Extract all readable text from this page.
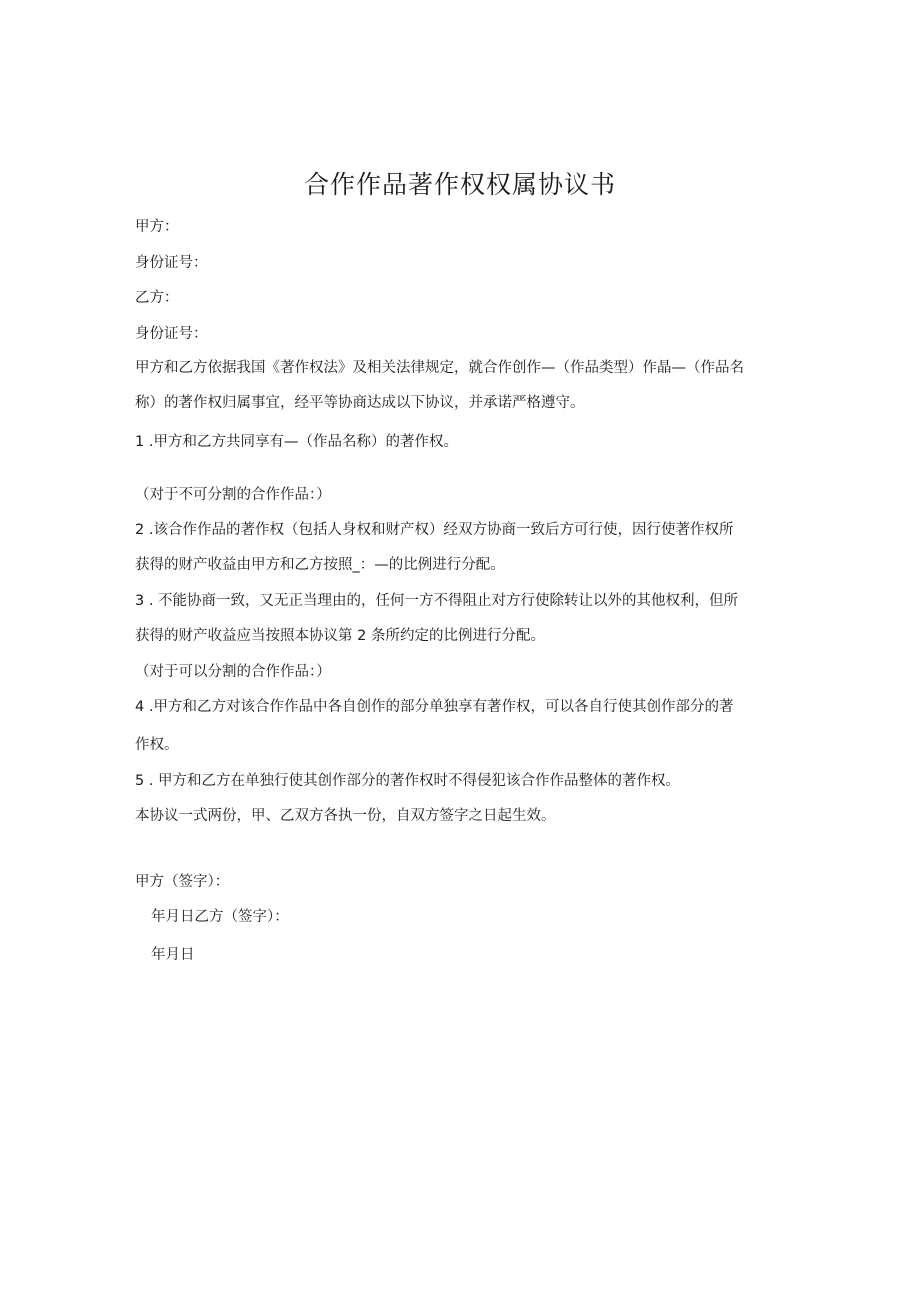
合作作品著作权权属协议书
甲方：
身份证号：
乙方：
身份证号：
甲方和乙方依据我国《著作权法》及相关法律规定，就合作创作—（作品类型）作晶—（作品名
称）的著作权归属事宜，经平等协商达成以下协议，并承诺严格遵守。
1 .甲方和乙方共同享有—（作品名称）的著作权。
（对于不可分割的合作作品：）
2 .该合作作品的著作权（包括人身权和财产权）经双方协商一致后方可行使，因行使著作权所
获得的财产收益由甲方和乙方按照_：—的比例进行分配。
3 . 不能协商一致，又无正当理由的，任何一方不得阻止对方行使除转让以外的其他权利，但所
获得的财产收益应当按照本协议第 2 条所约定的比例进行分配。
（对于可以分割的合作作品：）
4 .甲方和乙方对该合作作品中各自创作的部分单独享有著作权，可以各自行使其创作部分的著
作权。
5 . 甲方和乙方在单独行使其创作部分的著作权时不得侵犯该合作作品整体的著作权。
本协议一式两份，甲、乙双方各执一份，自双方签字之日起生效。
甲方（签字）：
年月日乙方（签字）：
年月日
